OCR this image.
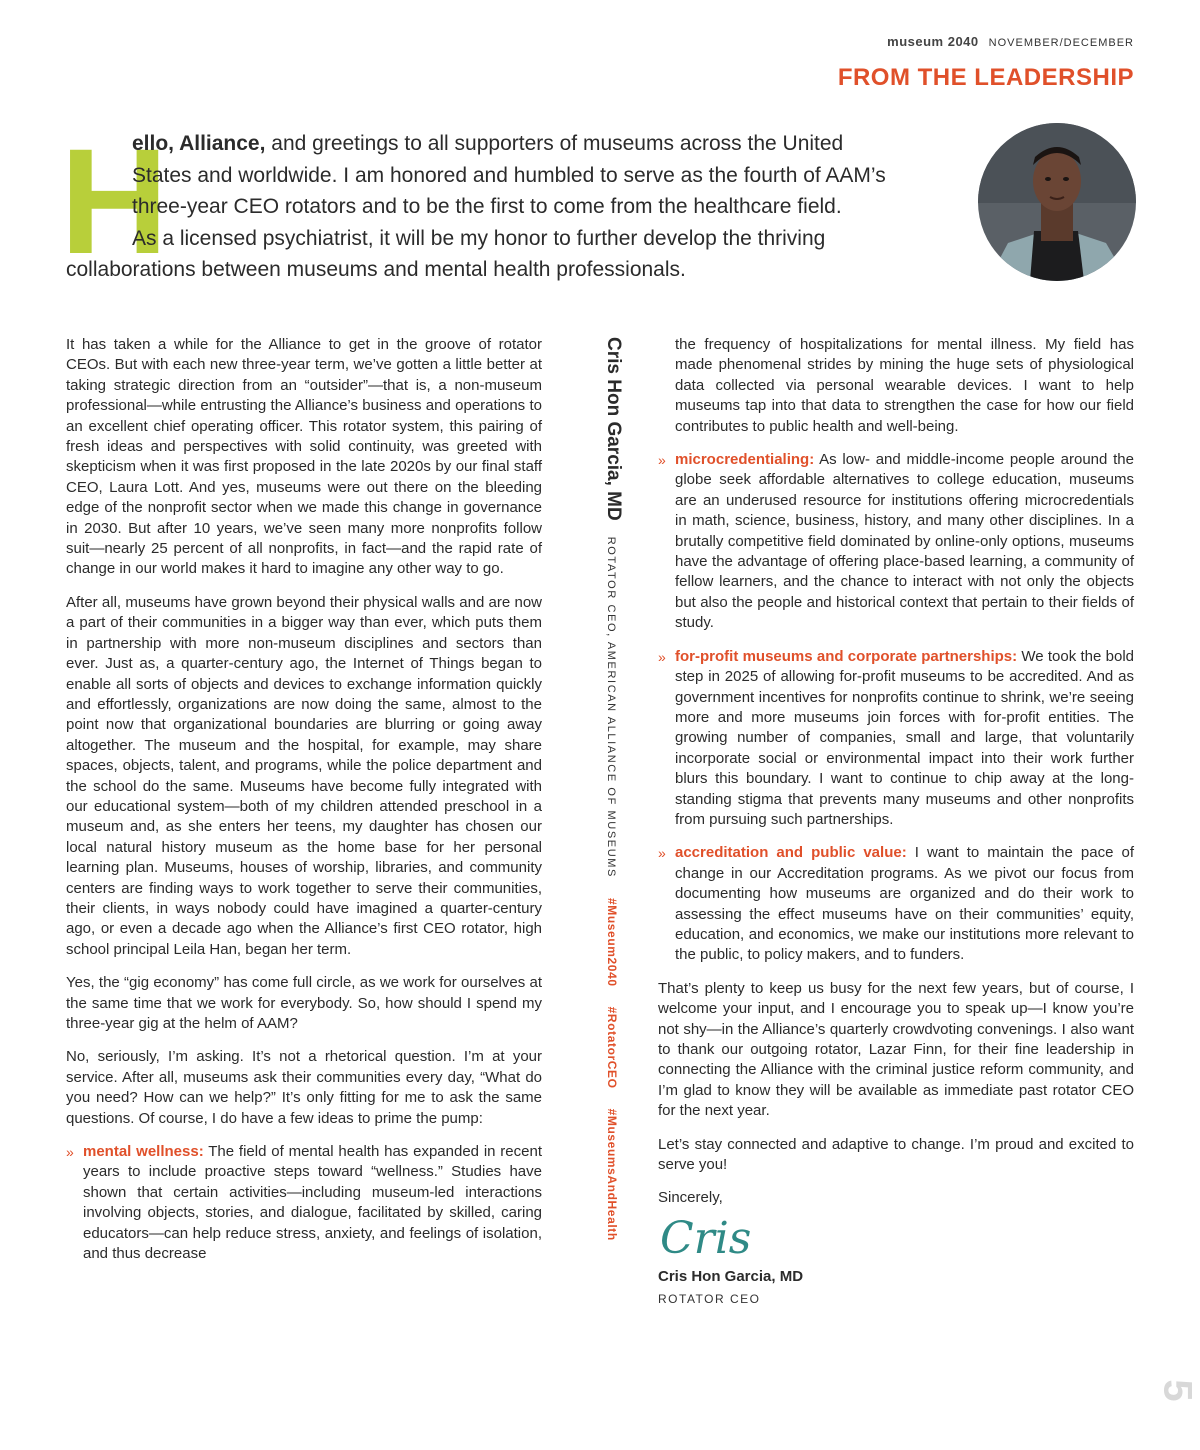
museum 2040 NOVEMBER/DECEMBER
FROM THE LEADERSHIP
H
ello, Alliance, and greetings to all supporters of museums across the United
States and worldwide. I am honored and humbled to serve as the fourth of AAM’s
three-year CEO rotators and to be the first to come from the healthcare field.
As a licensed psychiatrist, it will be my honor to further develop the thriving
collaborations between museums and mental health professionals.

It has taken a while for the Alliance to get in the groove of rotator CEOs. But with each new three-year term, we’ve gotten a little better at taking strategic direction from an “outsider”—that is, a non-museum professional—while entrusting the Alliance’s business and operations to an excellent chief operating officer. This rotator system, this pairing of fresh ideas and perspectives with solid continuity, was greeted with skepticism when it was first proposed in the late 2020s by our final staff CEO, Laura Lott. And yes, museums were out there on the bleeding edge of the nonprofit sector when we made this change in governance in 2030. But after 10 years, we’ve seen many more nonprofits follow suit—nearly 25 percent of all nonprofits, in fact—and the rapid rate of change in our world makes it hard to imagine any other way to go.

After all, museums have grown beyond their physical walls and are now a part of their communities in a bigger way than ever, which puts them in partnership with more non-museum disciplines and sectors than ever. Just as, a quarter-century ago, the Internet of Things began to enable all sorts of objects and devices to exchange information quickly and effortlessly, organizations are now doing the same, almost to the point now that organizational boundaries are blurring or going away altogether. The museum and the hospital, for example, may share spaces, objects, talent, and programs, while the police department and the school do the same. Museums have become fully integrated with our educational system—both of my children attended preschool in a museum and, as she enters her teens, my daughter has chosen our local natural history museum as the home base for her personal learning plan. Museums, houses of worship, libraries, and community centers are finding ways to work together to serve their communities, their clients, in ways nobody could have imagined a quarter-century ago, or even a decade ago when the Alliance’s first CEO rotator, high school principal Leila Han, began her term.

Yes, the “gig economy” has come full circle, as we work for ourselves at the same time that we work for everybody. So, how should I spend my three-year gig at the helm of AAM?

No, seriously, I’m asking. It’s not a rhetorical question. I’m at your service. After all, museums ask their communities every day, “What do you need? How can we help?” It’s only fitting for me to ask the same questions. Of course, I do have a few ideas to prime the pump:

» mental wellness: The field of mental health has expanded in recent years to include proactive steps toward “wellness.” Studies have shown that certain activities—including museum-led interactions involving objects, stories, and dialogue, facilitated by skilled, caring educators—can help reduce stress, anxiety, and feelings of isolation, and thus decrease
Cris Hon Garcia, MDROTATOR CEO, AMERICAN ALLIANCE OF MUSEUMS#Museum2040#RotatorCEO#MuseumsAndHealth

the frequency of hospitalizations for mental illness. My field has made phenomenal strides by mining the huge sets of physiological data collected via personal wearable devices. I want to help museums tap into that data to strengthen the case for how our field contributes to public health and well-being.

» microcredentialing: As low- and middle-income people around the globe seek affordable alternatives to college education, museums are an underused resource for institutions offering microcredentials in math, science, business, history, and many other disciplines. In a brutally competitive field dominated by online-only options, museums have the advantage of offering place-based learning, a community of fellow learners, and the chance to interact with not only the objects but also the people and historical context that pertain to their fields of study.
» for-profit museums and corporate partnerships: We took the bold step in 2025 of allowing for-profit museums to be accredited. And as government incentives for nonprofits continue to shrink, we’re seeing more and more museums join forces with for-profit entities. The growing number of companies, small and large, that voluntarily incorporate social or environmental impact into their work further blurs this boundary. I want to continue to chip away at the long-standing stigma that prevents many museums and other nonprofits from pursuing such partnerships.
» accreditation and public value: I want to maintain the pace of change in our Accreditation programs. As we pivot our focus from documenting how museums are organized and do their work to assessing the effect museums have on their communities’ equity, education, and economics, we make our institutions more relevant to the public, to policy makers, and to funders.

That’s plenty to keep us busy for the next few years, but of course, I welcome your input, and I encourage you to speak up—I know you’re not shy—in the Alliance’s quarterly crowdvoting convenings. I also want to thank our outgoing rotator, Lazar Finn, for their fine leadership in connecting the Alliance with the criminal justice reform community, and I’m glad to know they will be available as immediate past rotator CEO for the next year.

Let’s stay connected and adaptive to change. I’m proud and excited to serve you!

Sincerely,
Cris
Cris Hon Garcia, MD
ROTATOR CEO
5
